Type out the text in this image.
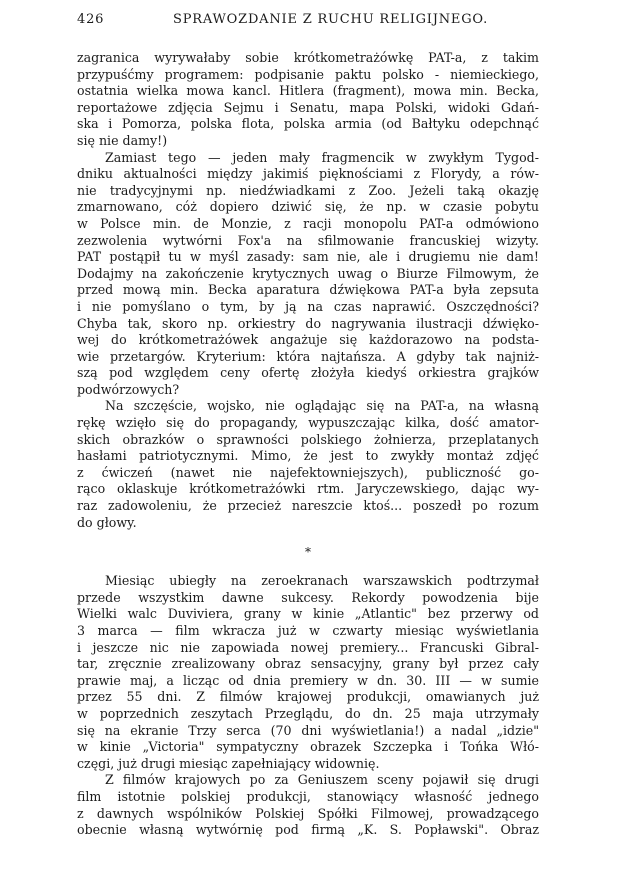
426	SPRAWOZDANIE Z RUCHU RELIGIJNEGO.
zagranica wyrywałaby sobie krótkometrażówkę PAT-a, z takim
przypuśćmy programem: podpisanie paktu polsko - niemieckiego,
ostatnia wielka mowa kancl. Hitlera (fragment), mowa min. Becka,
reportażowe zdjęcia Sejmu i Senatu, mapa Polski, widoki Gdań-
ska i Pomorza, polska flota, polska armia (od Bałtyku odepchnąć
się nie damy!)
Zamiast tego — jeden mały fragmencik w zwykłym Tygod-
dniku aktualności między jakimiś pięknościami z Florydy, a rów-
nie tradycyjnymi np. niedźwiadkami z Zoo. Jeżeli taką okazję
zmarnowano, cóż dopiero dziwić się, że np. w czasie pobytu
w Polsce min. de Monzie, z racji monopolu PAT-a odmówiono
zezwolenia wytwórni Fox'a na sfilmowanie francuskiej wizyty.
PAT postąpił tu w myśl zasady: sam nie, ale i drugiemu nie dam!
Dodajmy na zakończenie krytycznych uwag o Biurze Filmowym, że
przed mową min. Becka aparatura dźwiękowa PAT-a była zepsuta
i nie pomyślano o tym, by ją na czas naprawić. Oszczędności?
Chyba tak, skoro np. orkiestry do nagrywania ilustracji dźwięko-
wej do krótkometrażówek angażuje się każdorazowo na podsta-
wie przetargów. Kryterium: która najtańsza. A gdyby tak najniż-
szą pod względem ceny ofertę złożyła kiedyś orkiestra grajków
podwórzowych?
Na szczęście, wojsko, nie oglądając się na PAT-a, na własną
rękę wzięło się do propagandy, wypuszczając kilka, dość amator-
skich obrazków o sprawności polskiego żołnierza, przeplatanych
hasłami patriotycznymi. Mimo, że jest to zwykły montaż zdjęć
z ćwiczeń (nawet nie najefektowniejszych), publiczność go-
rąco oklaskuje krótkometrażówki rtm. Jaryczewskiego, dając wy-
raz zadowoleniu, że przecież nareszcie ktoś... poszedł po rozum
do głowy.
*
Miesiąc ubiegły na zeroekranach warszawskich podtrzymał
przede wszystkim dawne sukcesy. Rekordy powodzenia bije
Wielki walc Duviviera, grany w kinie „Atlantic" bez przerwy od
3 marca — film wkracza już w czwarty miesiąc wyświetlania
i jeszcze nic nie zapowiada nowej premiery... Francuski Gibral-
tar, zręcznie zrealizowany obraz sensacyjny, grany był przez cały
prawie maj, a licząc od dnia premiery w dn. 30. III — w sumie
przez 55 dni. Z filmów krajowej produkcji, omawianych już
w poprzednich zeszytach Przeglądu, do dn. 25 maja utrzymały
się na ekranie Trzy serca (70 dni wyświetlania!) a nadal „idzie"
w kinie „Victoria" sympatyczny obrazek Szczepka i Tońka Włó-
częgi, już drugi miesiąc zapełniający widownię.
Z filmów krajowych po za Geniuszem sceny pojawił się drugi
film istotnie polskiej produkcji, stanowiący własność jednego
z dawnych wspólników Polskiej Spółki Filmowej, prowadzącego
obecnie własną wytwórnię pod firmą „K. S. Popławski". Obraz
